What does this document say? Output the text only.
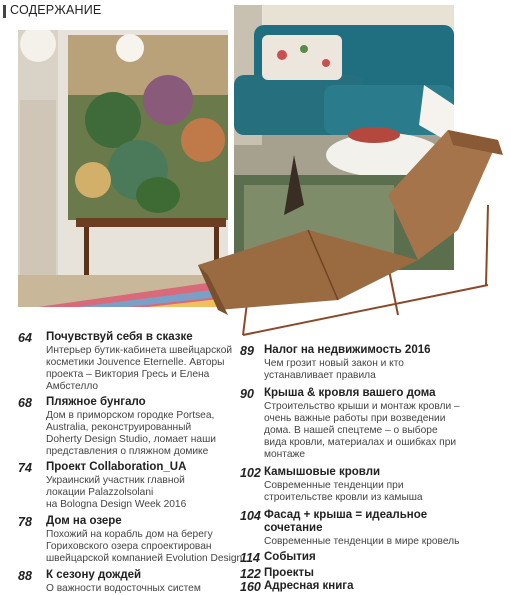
СОДЕРЖАНИЕ
64	Почувствуй себя в сказке
Интерьер бутик-кабинета швейцарской
косметики Jouvence Eternelle. Авторы
проекта – Виктория Гресь и Елена
Амбстелло
68	Пляжное бунгало
Дом в приморском городке Portsea,
Australia, реконструированный
Doherty Design Studio, ломает наши
представления о пляжном домике
74	Проект Collaboration_UA
Украинский участник главной
локации Palazzolsolani
на Bologna Design Week 2016
78	Дом на озере
Похожий на корабль дом на берегу
Гориховского озера спроектирован
швейцарской компанией Evolution Design
88	К сезону дождей
О важности водосточных систем
89 Налог на недвижимость 2016
Чем грозит новый закон и кто
устанавливает правила
90 Крыша & кровля вашего дома
Строительство крыши и монтаж кровли –
очень важные работы при возведении
дома. В нашей спецтеме – о выборе
вида кровли, материалах и ошибках при
монтаже
102 Камышовые кровли
Современные тенденции при
строительстве кровли из камыша
104 Фасад + крыша = идеальное
сочетание
Современные тенденции в мире кровель
114 События
122 Проекты
160 Адресная книга
